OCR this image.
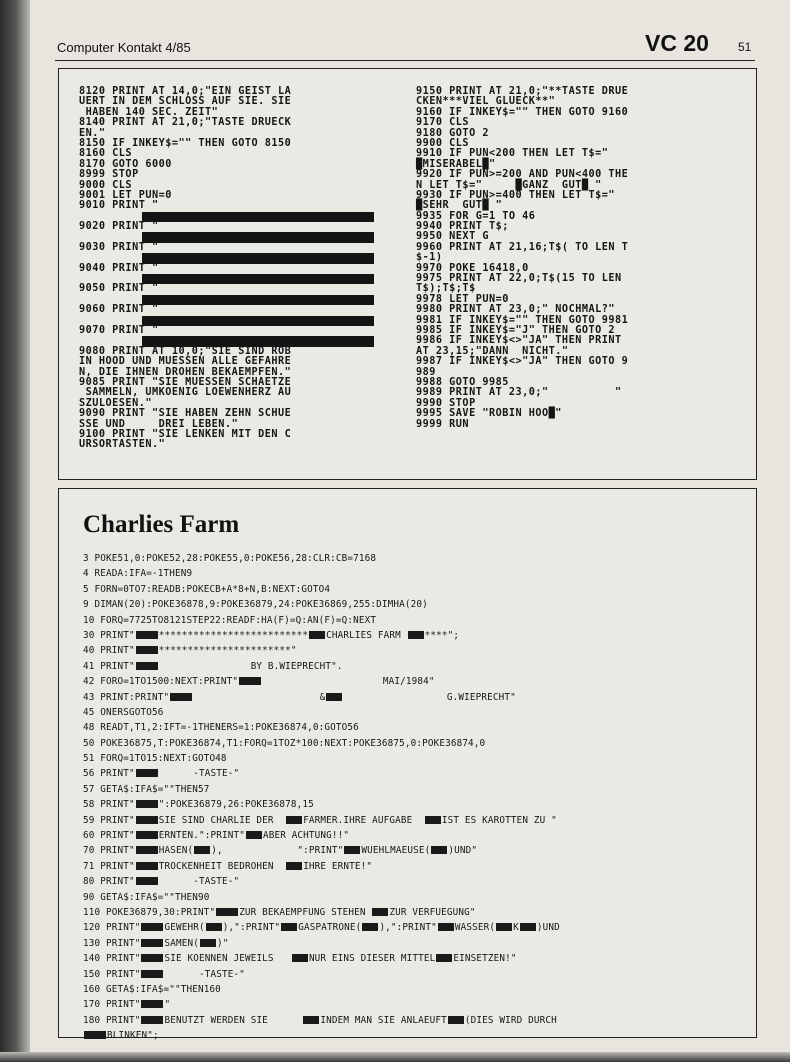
Computer Kontakt 4/85	VC 20 51
8120 PRINT AT 14,0;"EIN GEIST LA
UERT IN DEM SCHLOSS AUF SIE. SIE
HABEN 140 SEC. ZEIT"
8140 PRINT AT 21,0;"TASTE DRUECK
EN."
8150 IF INKEY$="" THEN GOTO 8150
8160 CLS
8170 GOTO 6000
8999 STOP
9000 CLS
9001 LET PUN=0
9010 PRINT "
9020 PRINT "
9030 PRINT "
9040 PRINT "
9050 PRINT "
9060 PRINT "
9070 PRINT "
9080 PRINT AT 10,0;"SIE SIND ROB
IN HOOD UND MUESSEN ALLE GEFAHRE
N, DIE IHNEN DROHEN BEKAEMPFEN."
9085 PRINT "SIE MUESSEN SCHAETZE
SAMMELN, UMKOENIG LOEWENHERZ AU
SZULOESEN."
9090 PRINT "SIE HABEN ZEHN SCHUE
SSE UND     DREI LEBEN."
9100 PRINT "SIE LENKEN MIT DEN C
URSORTASTEN."
9150 PRINT AT 21,0;"**TASTE DRUE
CKEN***VIEL GLUECK**"
9160 IF INKEY$="" THEN GOTO 9160
9170 CLS
9180 GOTO 2
9900 CLS
9910 IF PUN<200 THEN LET T$="
█MISERABEL█"
9920 IF PUN>=200 AND PUN<400 THE
N LET T$="     █GANZ  GUT█ "
9930 IF PUN>=400 THEN LET T$="
█SEHR  GUT█ "
9935 FOR G=1 TO 46
9940 PRINT T$;
9950 NEXT G
9960 PRINT AT 21,16;T$( TO LEN T
$-1)
9970 POKE 16418,0
9975 PRINT AT 22,0;T$(15 TO LEN
T$);T$;T$
9978 LET PUN=0
9980 PRINT AT 23,0;" NOCHMAL?"
9981 IF INKEY$="" THEN GOTO 9981
9985 IF INKEY$="J" THEN GOTO 2
9986 IF INKEY$<>"JA" THEN PRINT
AT 23,15;"DANN  NICHT."
9987 IF INKEY$<>"JA" THEN GOTO 9
989
9988 GOTO 9985
9989 PRINT AT 23,0;"          "
9990 STOP
9995 SAVE "ROBIN HOO█"
9999 RUN
Charlies Farm
3 POKE51,0:POKE52,28:POKE55,0:POKE56,28:CLR:CB=7168
4 READA:IFA=-1THEN9
5 FORN=0TO7:READB:POKECB+A*8+N,B:NEXT:GOTO4
9 DIMAN(20):POKE36878,9:POKE36879,24:POKE36869,255:DIMHA(20)
10 FORQ=7725TO8121STEP22:READF:HA(F)=Q:AN(F)=Q:NEXT
30 PRINT"	************************** CHARLIES FARM ****";
40 PRINT"	***********************"
41 PRINT"	BY B.WIEPRECHT".
42 FORO=1TO1500:NEXT:PRINT"	MAI/1984"
43 PRINT:PRINT"	&                  G.WIEPRECHT"
45 ONERSGOTO56
48 READT,T1,2:IFT=-1THENERS=1:POKE36874,0:GOTO56
50 POKE36875,T:POKE36874,T1:FORQ=1TOZ*100:NEXT:POKE36875,0:POKE36874,0
51 FORQ=1TO15:NEXT:GOTO48
56 PRINT"	-TASTE-"
57 GETA$:IFA$=""THEN57
58 PRINT"	":POKE36879,26:POKE36878,15
59 PRINT"	SIE SIND CHARLIE DER  FARMER.IHRE AUFGABE  IST ES KAROTTEN ZU "
60 PRINT"	ERNTEN.":PRINT" ABER ACHTUNG!!"
70 PRINT"	HASEN( ),             ":PRINT" WUEHLMAEUSE( )UND"
71 PRINT"	TROCKENHEIT BEDROHEN  IHRE ERNTE!"
80 PRINT"	-TASTE-"
90 GETA$:IFA$=""THEN90
110 POKE36879,30:PRINT"	ZUR BEKAEMPFUNG STEHEN ZUR VERFUEGUNG"
120 PRINT"	GEWEHR( ),":PRINT" GASPATRONE( ),":PRINT" WASSER( K )UND
130 PRINT"	SAMEN( )"
140 PRINT"	SIE KOENNEN JEWEILS   NUR EINS DIESER MITTEL EINSETZEN!"
150 PRINT"	-TASTE-"
160 GETA$:IFA$=""THEN160
170 PRINT"	"
180 PRINT"	BENUTZT WERDEN SIE      INDEM MAN SIE ANLAEUFT (DIES WIRD DURCH
BLINKEN";
